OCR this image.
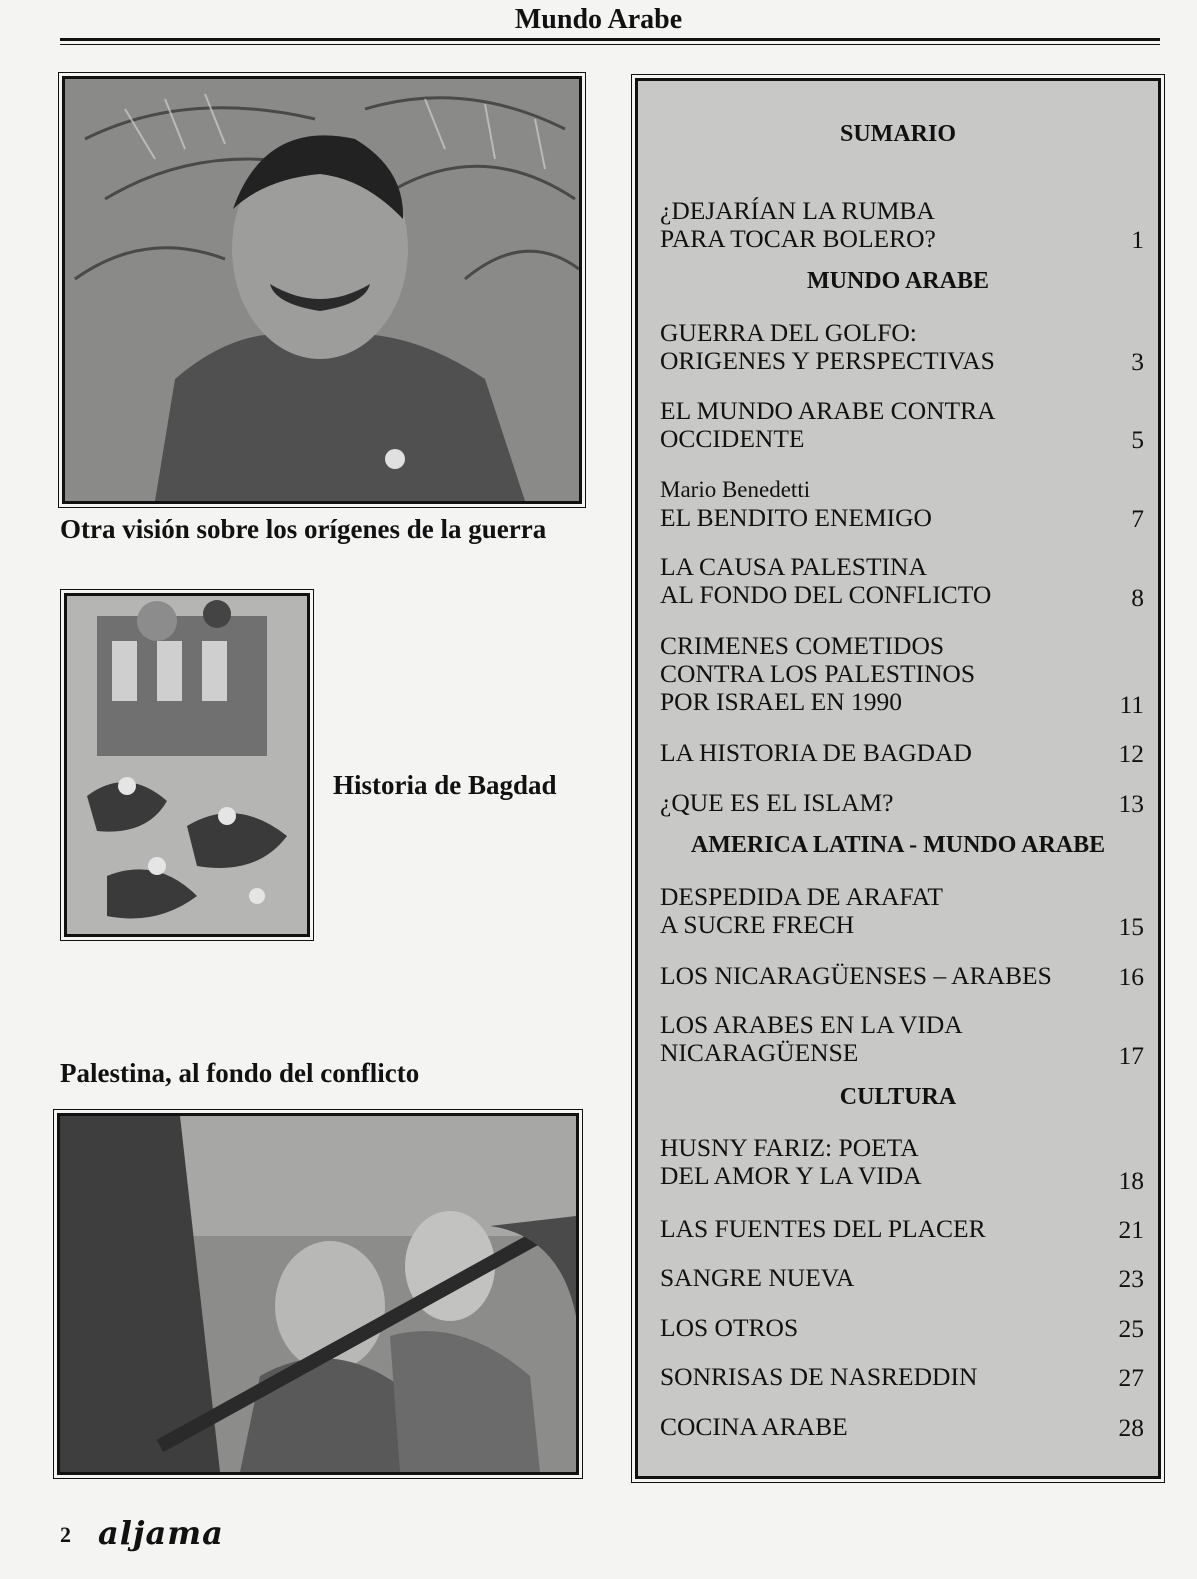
Mundo Arabe
Otra visión sobre los orígenes de la guerra
Historia de Bagdad
Palestina, al fondo del conflicto
SUMARIO
¿DEJARÍAN LA RUMBA
PARA TOCAR BOLERO?	1
MUNDO ARABE
GUERRA DEL GOLFO:
ORIGENES Y PERSPECTIVAS	3
EL MUNDO ARABE CONTRA
OCCIDENTE	5
Mario Benedetti
EL BENDITO ENEMIGO	7
LA CAUSA PALESTINA
AL FONDO DEL CONFLICTO	8
CRIMENES COMETIDOS
CONTRA LOS PALESTINOS
POR ISRAEL EN 1990	11
LA HISTORIA DE BAGDAD	12
¿QUE ES EL ISLAM?	13
AMERICA LATINA - MUNDO ARABE
DESPEDIDA DE ARAFAT
A SUCRE FRECH	15
LOS NICARAGÜENSES – ARABES	16
LOS ARABES EN LA VIDA
NICARAGÜENSE	17
CULTURA
HUSNY FARIZ: POETA
DEL AMOR Y LA VIDA	18
LAS FUENTES DEL PLACER	21
SANGRE NUEVA	23
LOS OTROS	25
SONRISAS DE NASREDDIN	27
COCINA ARABE	28
2 aljama
